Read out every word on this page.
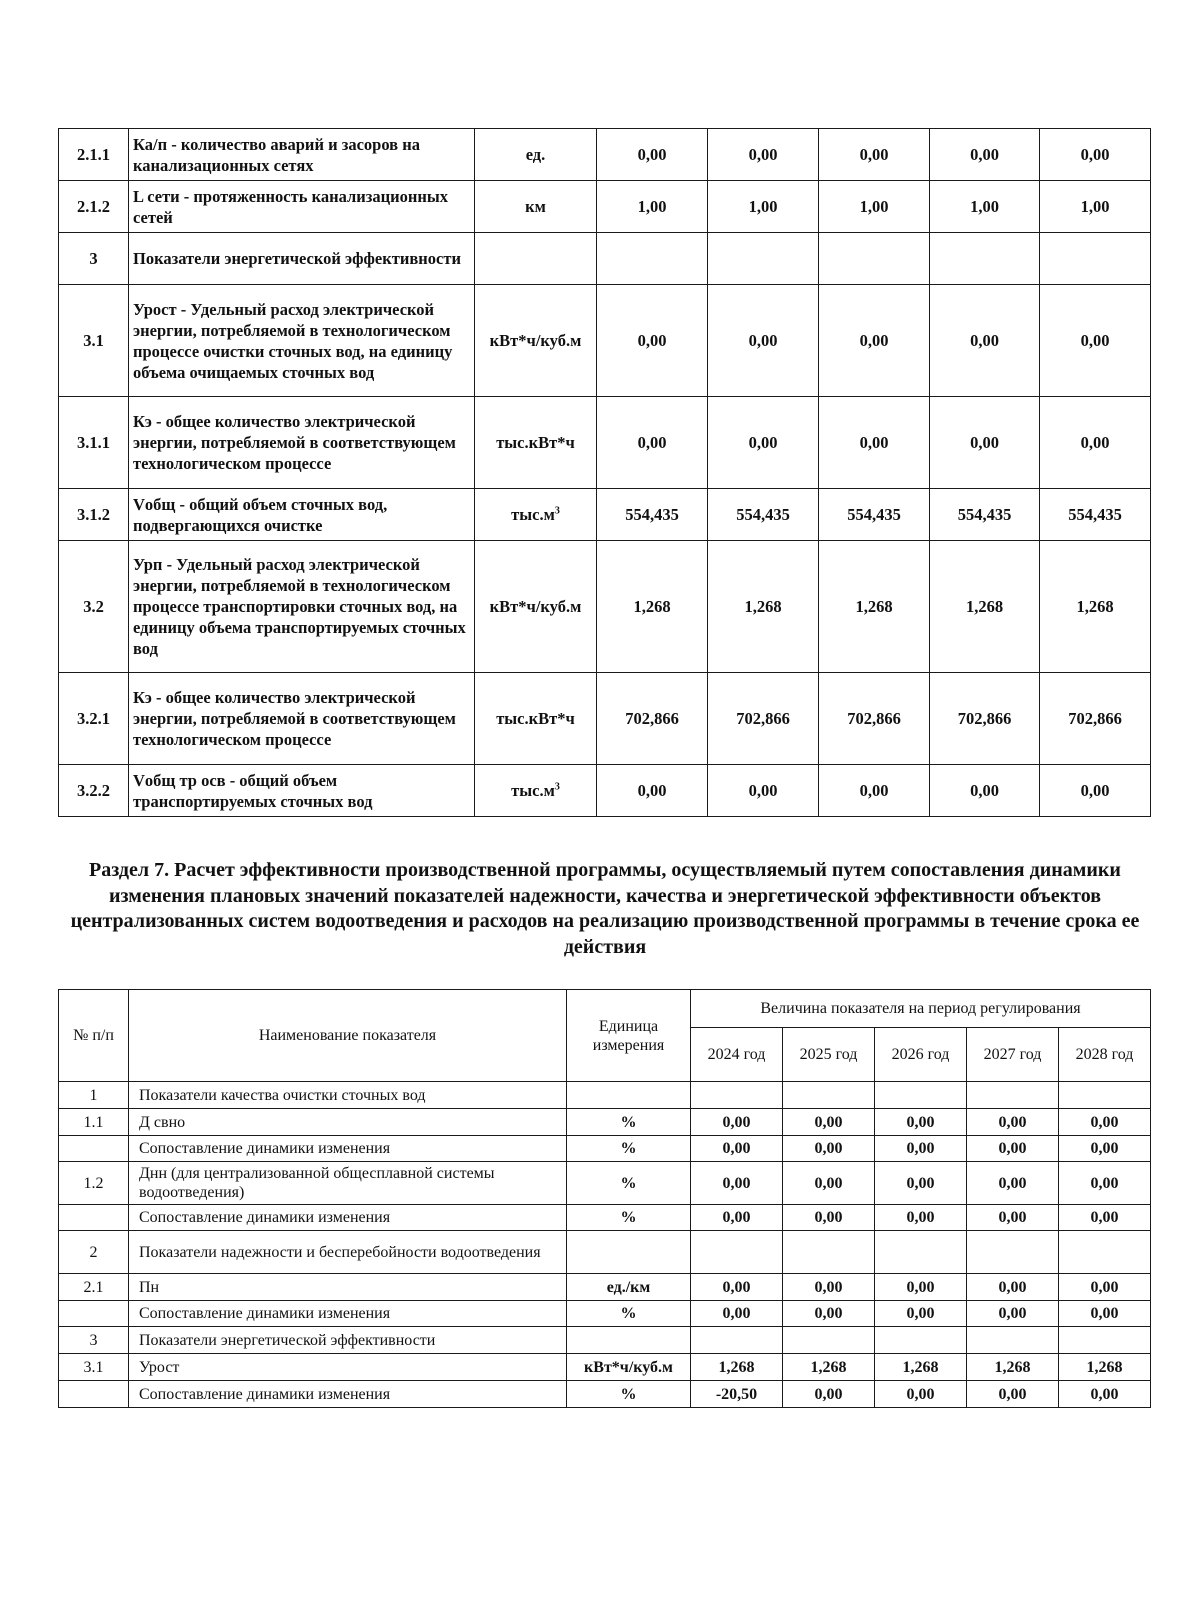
2.1.1	Ка/п - количество аварий и засоров на канализационных сетях	ед.	0,00	0,00	0,00	0,00	0,00
2.1.2	L сети - протяженность канализационных сетей	км	1,00	1,00	1,00	1,00	1,00
3	Показатели энергетической эффективности						
3.1	Урост - Удельный расход электрической энергии, потребляемой в технологическом процессе очистки сточных вод, на единицу объема очищаемых сточных вод	кВт*ч/куб.м	0,00	0,00	0,00	0,00	0,00
3.1.1	Кэ - общее количество электрической энергии, потребляемой в соответствующем технологическом процессе	тыс.кВт*ч	0,00	0,00	0,00	0,00	0,00
3.1.2	Vобщ - общий объем сточных вод, подвергающихся очистке	$тыс.м^3$	554,435	554,435	554,435	554,435	554,435
3.2	Урп - Удельный расход электрической энергии, потребляемой в технологическом процессе транспортировки сточных вод, на единицу объема транспортируемых сточных вод	кВт*ч/куб.м	1,268	1,268	1,268	1,268	1,268
3.2.1	Кэ - общее количество электрической энергии, потребляемой в соответствующем технологическом процессе	тыс.кВт*ч	702,866	702,866	702,866	702,866	702,866
3.2.2	Vобщ тр осв - общий объем транспортируемых сточных вод	$тыс.м^3$	0,00	0,00	0,00	0,00	0,00
Раздел 7. Расчет эффективности производственной программы, осуществляемый путем сопоставления динамики изменения плановых значений показателей надежности, качества и энергетической эффективности объектов централизованных систем водоотведения и расходов на реализацию производственной программы в течение срока ее действия
№ п/п	Наименование показателя	Единица измерения	Величина показателя на период регулирования				
			2024 год	2025 год	2026 год	2027 год	2028 год
1	Показатели качества очистки сточных вод						
1.1	Д свно	%	0,00	0,00	0,00	0,00	0,00
	Сопоставление динамики изменения	%	0,00	0,00	0,00	0,00	0,00
1.2	Днн (для централизованной общесплавной системы водоотведения)	%	0,00	0,00	0,00	0,00	0,00
	Сопоставление динамики изменения	%	0,00	0,00	0,00	0,00	0,00
2	Показатели надежности и бесперебойности водоотведения						
2.1	Пн	ед./км	0,00	0,00	0,00	0,00	0,00
	Сопоставление динамики изменения	%	0,00	0,00	0,00	0,00	0,00
3	Показатели энергетической эффективности						
3.1	Урост	кВт*ч/куб.м	1,268	1,268	1,268	1,268	1,268
	Сопоставление динамики изменения	%	-20,50	0,00	0,00	0,00	0,00
